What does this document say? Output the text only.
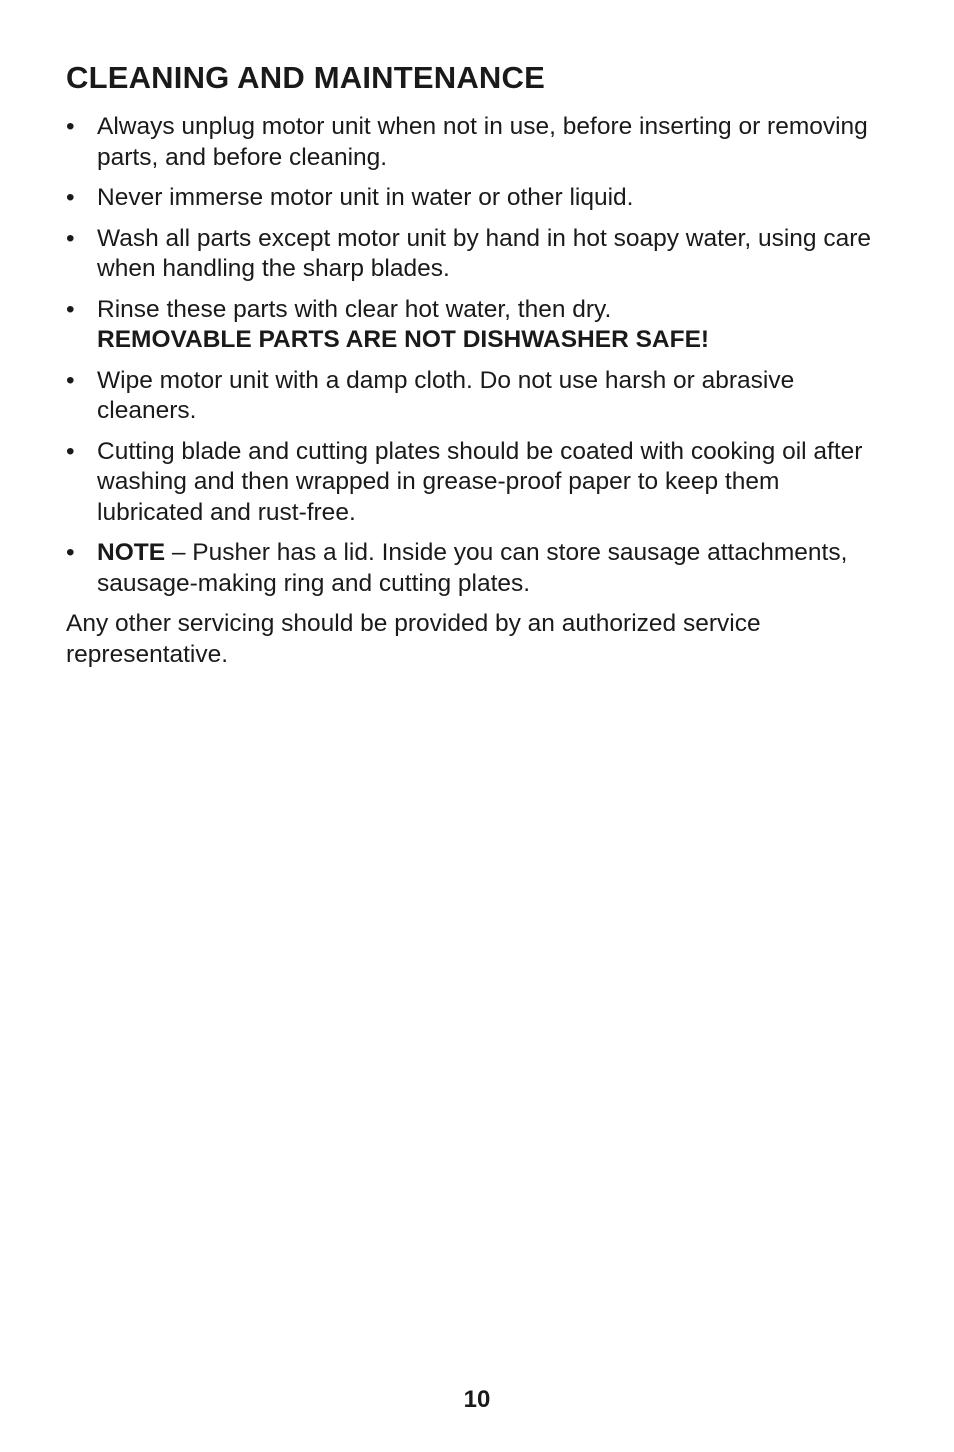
CLEANING AND MAINTENANCE
• Always unplug motor unit when not in use, before inserting or removing parts, and before cleaning.
• Never immerse motor unit in water or other liquid.
• Wash all parts except motor unit by hand in hot soapy water, using care when handling the sharp blades.
• Rinse these parts with clear hot water, then dry.
REMOVABLE PARTS ARE NOT DISHWASHER SAFE!
• Wipe motor unit with a damp cloth. Do not use harsh or abrasive cleaners.
• Cutting blade and cutting plates should be coated with cooking oil after washing and then wrapped in grease-proof paper to keep them lubricated and rust-free.
• NOTE – Pusher has a lid. Inside you can store sausage attachments, sausage-making ring and cutting plates.

Any other servicing should be provided by an authorized service representative.

10
